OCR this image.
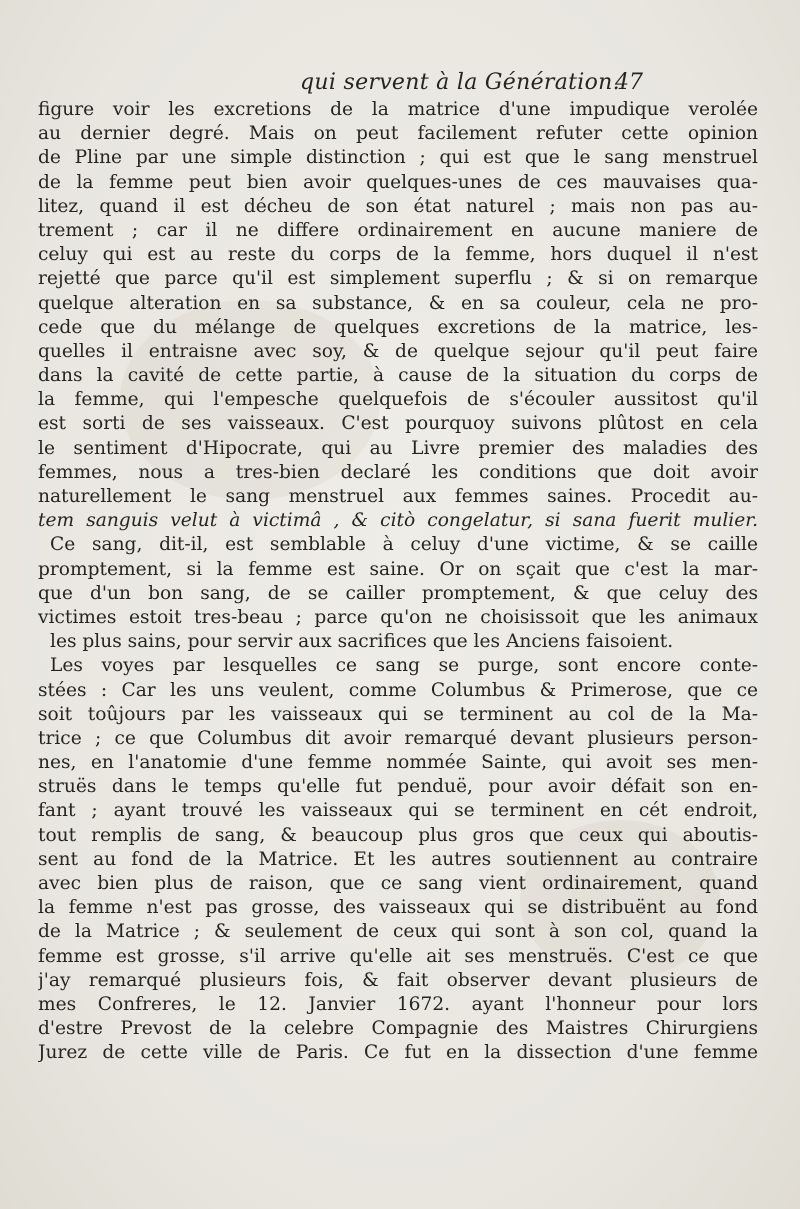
qui servent à la Génération.
47
figure voir les excretions de la matrice d'une impudique verolée
au dernier degré. Mais on peut facilement refuter cette opinion
de Pline par une simple distinction ; qui est que le sang menstruel
de la femme peut bien avoir quelques-unes de ces mauvaises qua-
litez, quand il est décheu de son état naturel ; mais non pas au-
trement ; car il ne differe ordinairement en aucune maniere de
celuy qui est au reste du corps de la femme, hors duquel il n'est
rejetté que parce qu'il est simplement superflu ; & si on remarque
quelque alteration en sa substance, & en sa couleur, cela ne pro-
cede que du mélange de quelques excretions de la matrice, les-
quelles il entraisne avec soy, & de quelque sejour qu'il peut faire
dans la cavité de cette partie, à cause de la situation du corps de
la femme, qui l'empesche quelquefois de s'écouler aussitost qu'il
est sorti de ses vaisseaux. C'est pourquoy suivons plûtost en cela
le sentiment d'Hipocrate, qui au Livre premier des maladies des
femmes, nous a tres-bien declaré les conditions que doit avoir
naturellement le sang menstruel aux femmes saines. Procedit au-
tem sanguis velut à victimâ , & citò congelatur, si sana fuerit mulier.
Ce sang, dit-il, est semblable à celuy d'une victime, & se caille
promptement, si la femme est saine. Or on sçait que c'est la mar-
que d'un bon sang, de se cailler promptement, & que celuy des
victimes estoit tres-beau ; parce qu'on ne choisissoit que les animaux
les plus sains, pour servir aux sacrifices que les Anciens faisoient.
Les voyes par lesquelles ce sang se purge, sont encore conte-
stées : Car les uns veulent, comme Columbus & Primerose, que ce
soit toûjours par les vaisseaux qui se terminent au col de la Ma-
trice ; ce que Columbus dit avoir remarqué devant plusieurs person-
nes, en l'anatomie d'une femme nommée Sainte, qui avoit ses men-
struës dans le temps qu'elle fut penduë, pour avoir défait son en-
fant ; ayant trouvé les vaisseaux qui se terminent en cét endroit,
tout remplis de sang, & beaucoup plus gros que ceux qui aboutis-
sent au fond de la Matrice. Et les autres soutiennent au contraire
avec bien plus de raison, que ce sang vient ordinairement, quand
la femme n'est pas grosse, des vaisseaux qui se distribuënt au fond
de la Matrice ; & seulement de ceux qui sont à son col, quand la
femme est grosse, s'il arrive qu'elle ait ses menstruës. C'est ce que
j'ay remarqué plusieurs fois, & fait observer devant plusieurs de
mes Confreres, le 12. Janvier 1672. ayant l'honneur pour lors
d'estre Prevost de la celebre Compagnie des Maistres Chirurgiens
Jurez de cette ville de Paris. Ce fut en la dissection d'une femme
